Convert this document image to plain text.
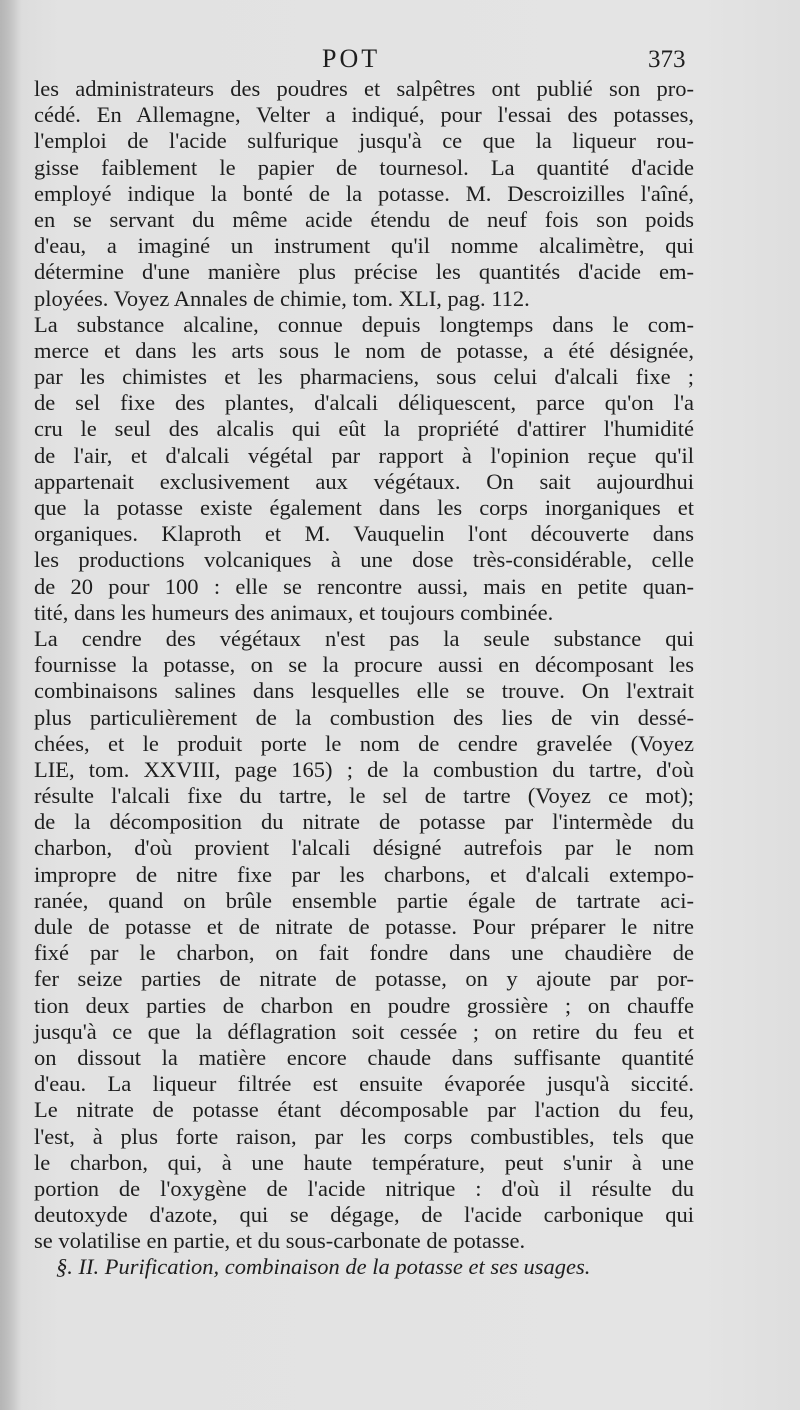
POT	373
les administrateurs des poudres et salpêtres ont publié son pro-
cédé. En Allemagne, Velter a indiqué, pour l'essai des potasses,
l'emploi de l'acide sulfurique jusqu'à ce que la liqueur rou-
gisse faiblement le papier de tournesol. La quantité d'acide
employé indique la bonté de la potasse. M. Descroizilles l'aîné,
en se servant du même acide étendu de neuf fois son poids
d'eau, a imaginé un instrument qu'il nomme alcalimètre, qui
détermine d'une manière plus précise les quantités d'acide em-
ployées. Voyez Annales de chimie, tom. XLI, pag. 112.
La substance alcaline, connue depuis longtemps dans le com-
merce et dans les arts sous le nom de potasse, a été désignée,
par les chimistes et les pharmaciens, sous celui d'alcali fixe ;
de sel fixe des plantes, d'alcali déliquescent, parce qu'on l'a
cru le seul des alcalis qui eût la propriété d'attirer l'humidité
de l'air, et d'alcali végétal par rapport à l'opinion reçue qu'il
appartenait exclusivement aux végétaux. On sait aujourdhui
que la potasse existe également dans les corps inorganiques et
organiques. Klaproth et M. Vauquelin l'ont découverte dans
les productions volcaniques à une dose très-considérable, celle
de 20 pour 100 : elle se rencontre aussi, mais en petite quan-
tité, dans les humeurs des animaux, et toujours combinée.
La cendre des végétaux n'est pas la seule substance qui
fournisse la potasse, on se la procure aussi en décomposant les
combinaisons salines dans lesquelles elle se trouve. On l'extrait
plus particulièrement de la combustion des lies de vin dessé-
chées, et le produit porte le nom de cendre gravelée (Voyez
LIE, tom. XXVIII, page 165) ; de la combustion du tartre, d'où
résulte l'alcali fixe du tartre, le sel de tartre (Voyez ce mot);
de la décomposition du nitrate de potasse par l'intermède du
charbon, d'où provient l'alcali désigné autrefois par le nom
impropre de nitre fixe par les charbons, et d'alcali extempo-
ranée, quand on brûle ensemble partie égale de tartrate aci-
dule de potasse et de nitrate de potasse. Pour préparer le nitre
fixé par le charbon, on fait fondre dans une chaudière de
fer seize parties de nitrate de potasse, on y ajoute par por-
tion deux parties de charbon en poudre grossière ; on chauffe
jusqu'à ce que la déflagration soit cessée ; on retire du feu et
on dissout la matière encore chaude dans suffisante quantité
d'eau. La liqueur filtrée est ensuite évaporée jusqu'à siccité.
Le nitrate de potasse étant décomposable par l'action du feu,
l'est, à plus forte raison, par les corps combustibles, tels que
le charbon, qui, à une haute température, peut s'unir à une
portion de l'oxygène de l'acide nitrique : d'où il résulte du
deutoxyde d'azote, qui se dégage, de l'acide carbonique qui
se volatilise en partie, et du sous-carbonate de potasse.
§. II. Purification, combinaison de la potasse et ses usages.
